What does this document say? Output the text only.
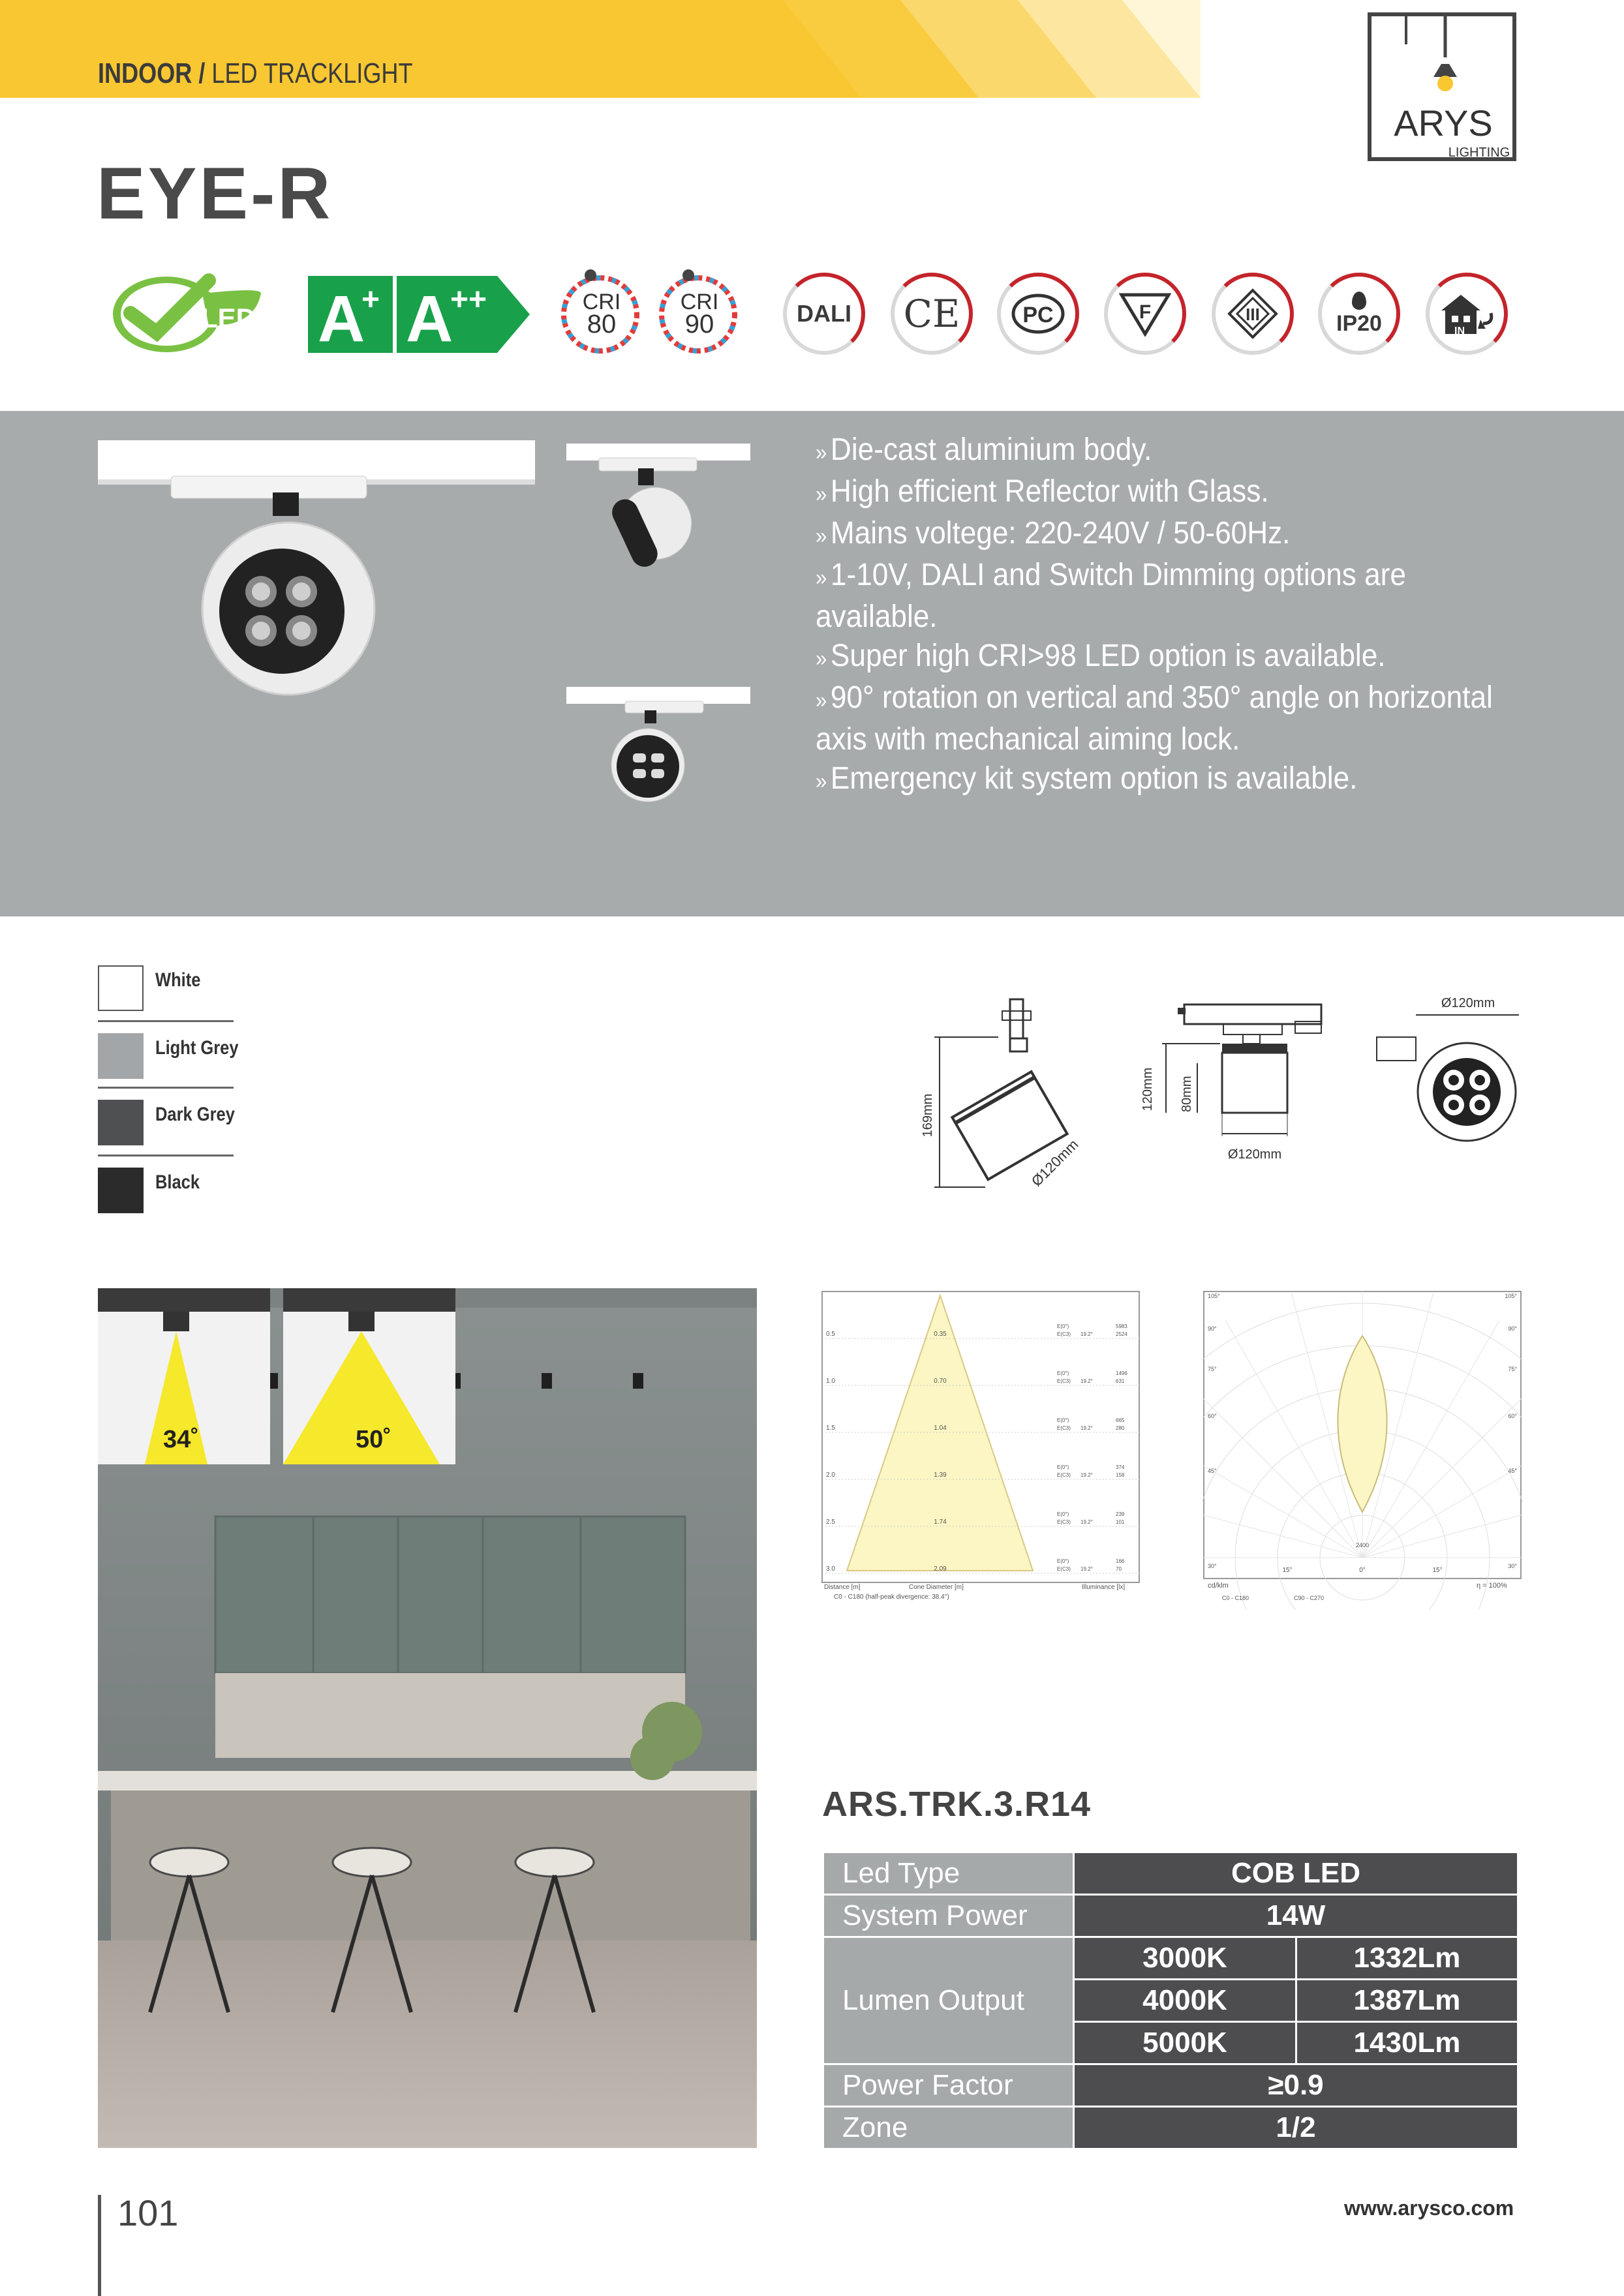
INDOOR / LED TRACKLIGHT
EYE-R
ARYS
LIGHTING
LED A
+ A
++	CRI
80
CRI
90	DALI	CE	PC	F	III	IP20	IN
» Die-cast aluminium body.
» High efficient Reflector with Glass.
» Mains voltege: 220-240V / 50-60Hz.
» 1-10V, DALI and Switch Dimming options are available.
» Super high CRI>98 LED option is available.
» 90° rotation on vertical and 350° angle on horizontal axis with mechanical aiming lock.
» Emergency kit system option is available.
White
Light Grey
Dark Grey
Black
169mm
Ø120mm
120mm 80mm
Ø120mm
Ø120mm
34˚	50˚
0.5	0.35
E(0°)
E(C3) 19.2°
5983
2524
1.0	0.70
E(0°)
E(C3) 19.2°
1496
631
1.5	1.04
E(0°)
E(C3) 19.2°
665
280
2.0	1.39
E(0°)
E(C3) 19.2°
374
158
2.5	1.74
E(0°)
E(C3) 19.2°
239
101
3.0	2.09
E(0°)
E(C3) 19.2°
166
70
Distance [m]	Cone Diameter [m]	Illuminance [lx]
C0 - C180 (half-peak divergence: 38.4°)
105°
90°
75°
60°
45°
30°
105°
90°
75°
60°
45°
30°
2400
0°
15°	15°
cd/klm	η = 100%
C0 - C180	C90 - C270
ARS.TRK.3.R14
Led Type	COB LED	
System Power	14W	
Lumen Output	3000K	1332Lm
	4000K	1387Lm
	5000K	1430Lm
Power Factor	≥0.9	
Zone	1/2	
101	www.arysco.com
